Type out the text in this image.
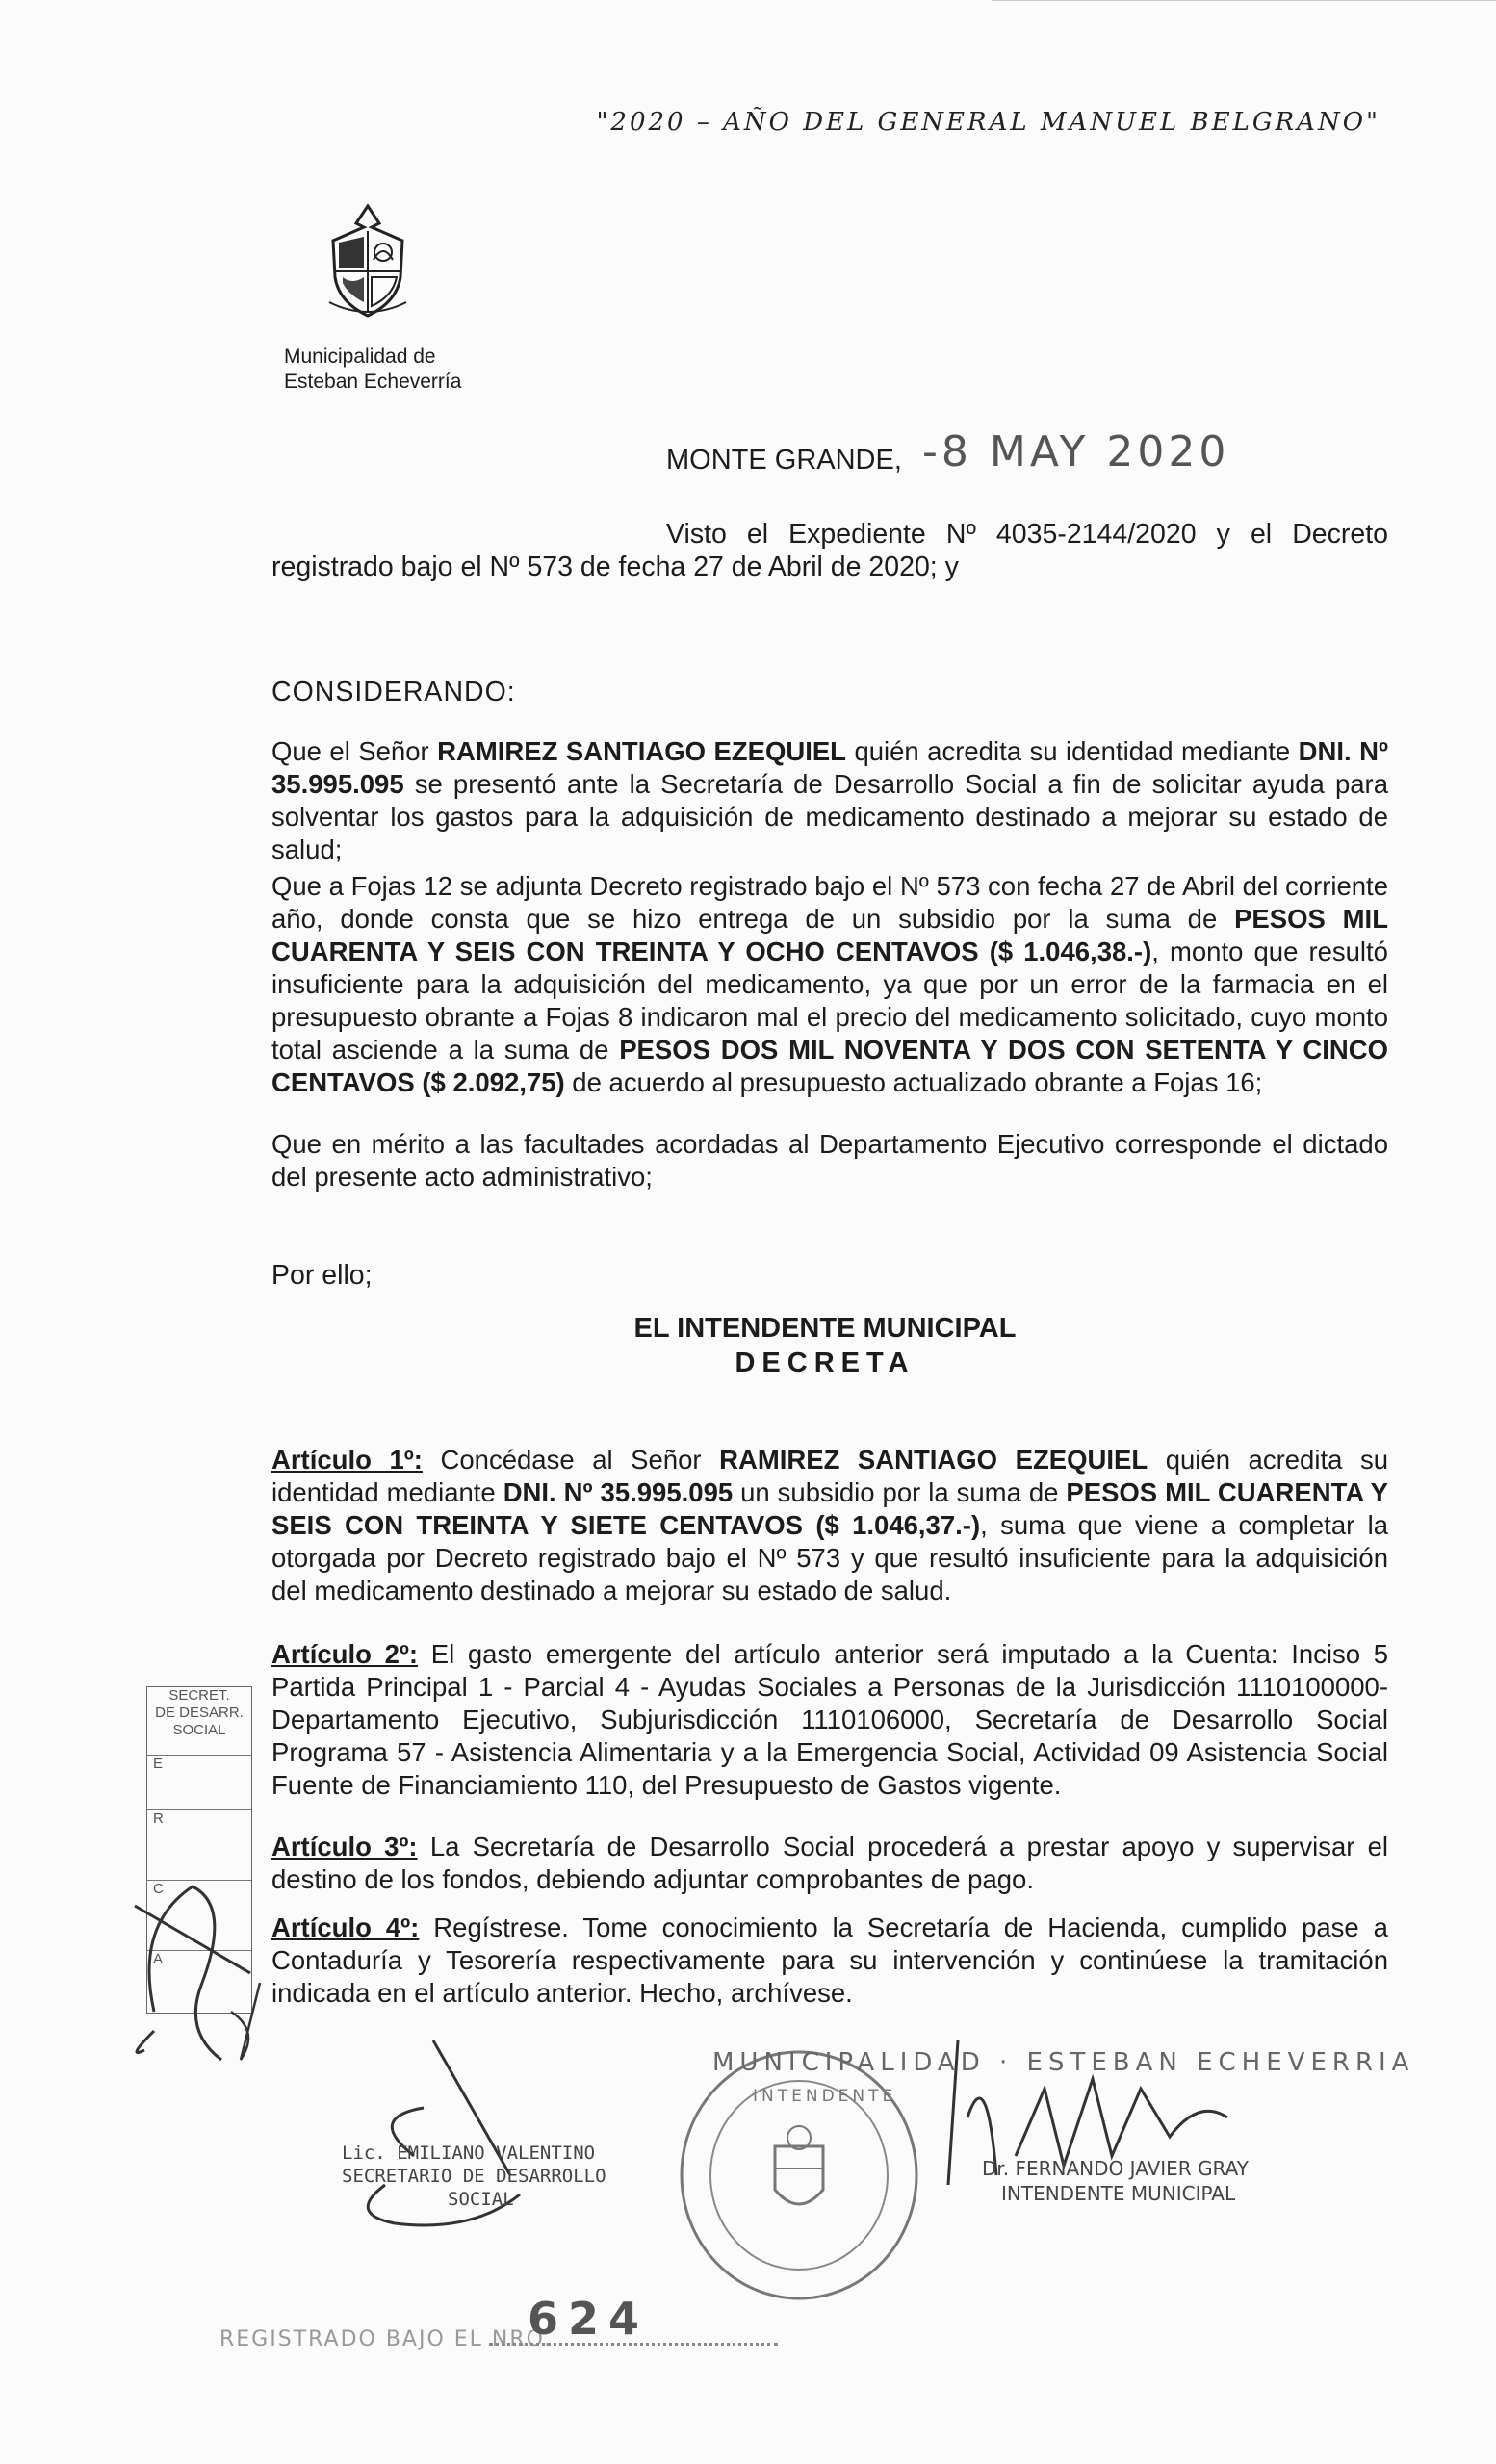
"2020 – AÑO DEL GENERAL MANUEL BELGRANO"
Municipalidad de
Esteban Echeverría
MONTE GRANDE, -8 MAY 2020
Visto el Expediente Nº 4035-2144/2020 y el Decreto registrado bajo el Nº 573 de fecha 27 de Abril de 2020; y
CONSIDERANDO:
Que el Señor RAMIREZ SANTIAGO EZEQUIEL quién acredita su identidad mediante DNI. Nº 35.995.095 se presentó ante la Secretaría de Desarrollo Social a fin de solicitar ayuda para solventar los gastos para la adquisición de medicamento destinado a mejorar su estado de salud;
Que a Fojas 12 se adjunta Decreto registrado bajo el Nº 573 con fecha 27 de Abril del corriente año, donde consta que se hizo entrega de un subsidio por la suma de PESOS MIL CUARENTA Y SEIS CON TREINTA Y OCHO CENTAVOS ($ 1.046,38.-), monto que resultó insuficiente para la adquisición del medicamento, ya que por un error de la farmacia en el presupuesto obrante a Fojas 8 indicaron mal el precio del medicamento solicitado, cuyo monto total asciende a la suma de PESOS DOS MIL NOVENTA Y DOS CON SETENTA Y CINCO CENTAVOS ($ 2.092,75) de acuerdo al presupuesto actualizado obrante a Fojas 16;
Que en mérito a las facultades acordadas al Departamento Ejecutivo corresponde el dictado del presente acto administrativo;
Por ello;
EL INTENDENTE MUNICIPAL
DECRETA
Artículo 1º: Concédase al Señor RAMIREZ SANTIAGO EZEQUIEL quién acredita su identidad mediante DNI. Nº 35.995.095 un subsidio por la suma de PESOS MIL CUARENTA Y SEIS CON TREINTA Y SIETE CENTAVOS ($ 1.046,37.-), suma que viene a completar la otorgada por Decreto registrado bajo el Nº 573 y que resultó insuficiente para la adquisición del medicamento destinado a mejorar su estado de salud.
Artículo 2º: El gasto emergente del artículo anterior será imputado a la Cuenta: Inciso 5 Partida Principal 1 - Parcial 4 - Ayudas Sociales a Personas de la Jurisdicción 1110100000- Departamento Ejecutivo, Subjurisdicción 1110106000, Secretaría de Desarrollo Social Programa 57 - Asistencia Alimentaria y a la Emergencia Social, Actividad 09 Asistencia Social Fuente de Financiamiento 110, del Presupuesto de Gastos vigente.
Artículo 3º: La Secretaría de Desarrollo Social procederá a prestar apoyo y supervisar el destino de los fondos, debiendo adjuntar comprobantes de pago.
Artículo 4º: Regístrese. Tome conocimiento la Secretaría de Hacienda, cumplido pase a Contaduría y Tesorería respectivamente para su intervención y continúese la tramitación indicada en el artículo anterior. Hecho, archívese.
SECRET.
DE DESARR.
SOCIAL
E
R
C
A
MUNICIPALIDAD · ESTEBAN ECHEVERRIA
INTENDENTE
Lic. EMILIANO VALENTINO
SECRETARIO DE DESARROLLO
SOCIAL
Dr. FERNANDO JAVIER GRAY
INTENDENTE MUNICIPAL
REGISTRADO BAJO EL NRO.
624
